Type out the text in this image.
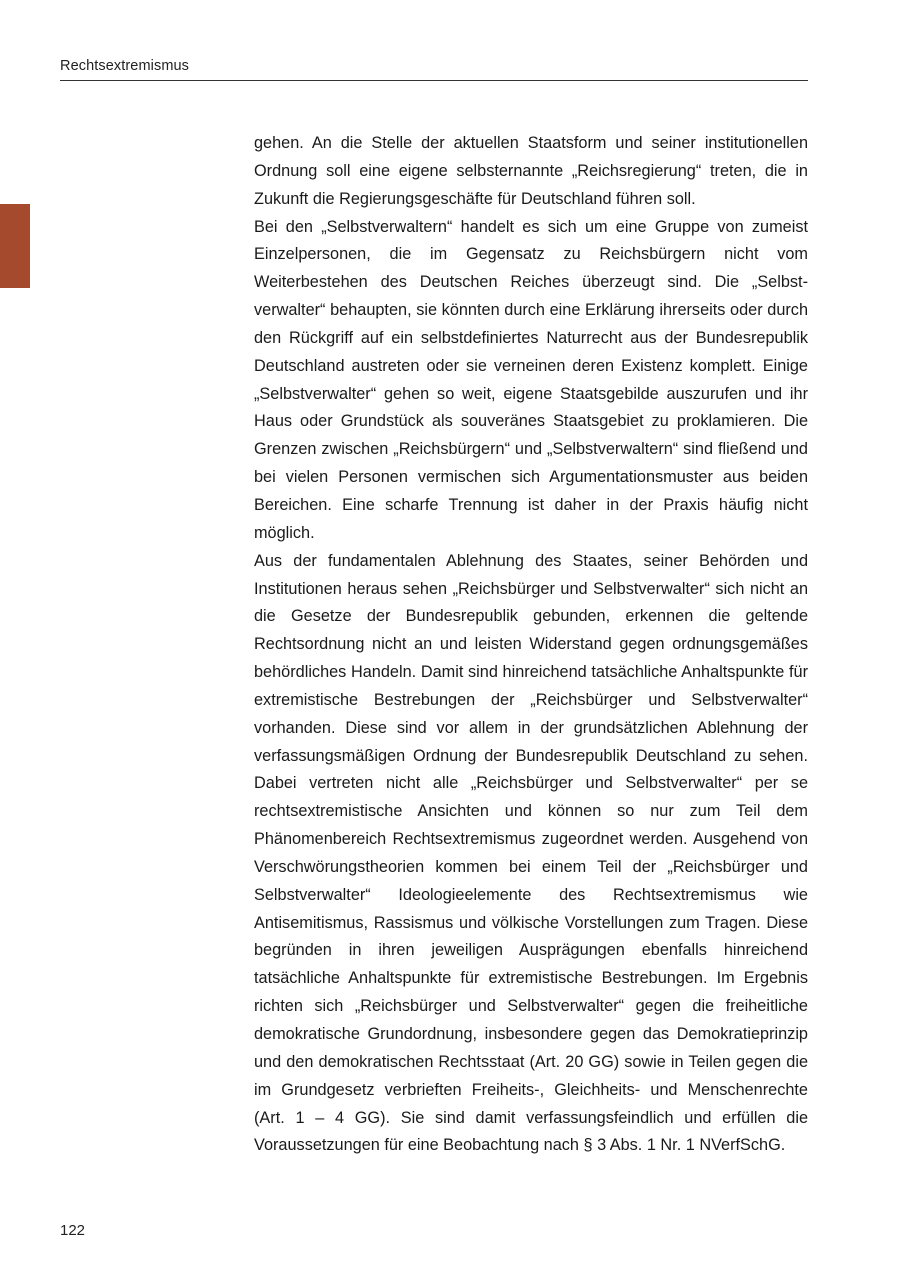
Rechtsextremismus

gehen. An die Stelle der aktuellen Staatsform und seiner institutionellen Ordnung soll eine eigene selbsternannte „Reichsregierung“ treten, die in Zukunft die Regierungsgeschäfte für Deutschland führen soll.

Bei den „Selbstverwaltern“ handelt es sich um eine Gruppe von zumeist Einzelpersonen, die im Gegensatz zu Reichsbürgern nicht vom Weiterbestehen des Deutschen Reiches überzeugt sind. Die „Selbstverwalter“ behaupten, sie könnten durch eine Erklärung ihrerseits oder durch den Rückgriff auf ein selbstdefiniertes Naturrecht aus der Bundesrepublik Deutschland austreten oder sie verneinen deren Existenz komplett. Einige „Selbstverwalter“ gehen so weit, eigene Staatsgebilde auszurufen und ihr Haus oder Grundstück als souveränes Staatsgebiet zu proklamieren. Die Grenzen zwischen „Reichsbürgern“ und „Selbstverwaltern“ sind fließend und bei vielen Personen vermischen sich Argumentationsmuster aus beiden Bereichen. Eine scharfe Trennung ist daher in der Praxis häufig nicht möglich.

Aus der fundamentalen Ablehnung des Staates, seiner Behörden und Institutionen heraus sehen „Reichsbürger und Selbstverwalter“ sich nicht an die Gesetze der Bundesrepublik gebunden, erkennen die geltende Rechtsordnung nicht an und leisten Widerstand gegen ordnungsgemäßes behördliches Handeln. Damit sind hinreichend tatsächliche Anhaltspunkte für extremistische Bestrebungen der „Reichsbürger und Selbstverwalter“ vorhanden. Diese sind vor allem in der grundsätzlichen Ablehnung der verfassungsmäßigen Ordnung der Bundesrepublik Deutschland zu sehen. Dabei vertreten nicht alle „Reichsbürger und Selbstverwalter“ per se rechtsextremistische Ansichten und können so nur zum Teil dem Phänomenbereich Rechtsextremismus zugeordnet werden. Ausgehend von Verschwörungstheorien kommen bei einem Teil der „Reichsbürger und Selbstverwalter“ Ideologieelemente des Rechtsextremismus wie Antisemitismus, Rassismus und völkische Vorstellungen zum Tragen. Diese begründen in ihren jeweiligen Ausprägungen ebenfalls hinreichend tatsächliche Anhaltspunkte für extremistische Bestrebungen. Im Ergebnis richten sich „Reichsbürger und Selbstverwalter“ gegen die freiheitliche demokratische Grundordnung, insbesondere gegen das Demokratieprinzip und den demokratischen Rechtsstaat (Art. 20 GG) sowie in Teilen gegen die im Grundgesetz verbrieften Freiheits-, Gleichheits- und Menschenrechte (Art. 1 – 4 GG). Sie sind damit verfassungsfeindlich und erfüllen die Voraussetzungen für eine Beobachtung nach § 3 Abs. 1 Nr. 1 NVerfSchG.

122
